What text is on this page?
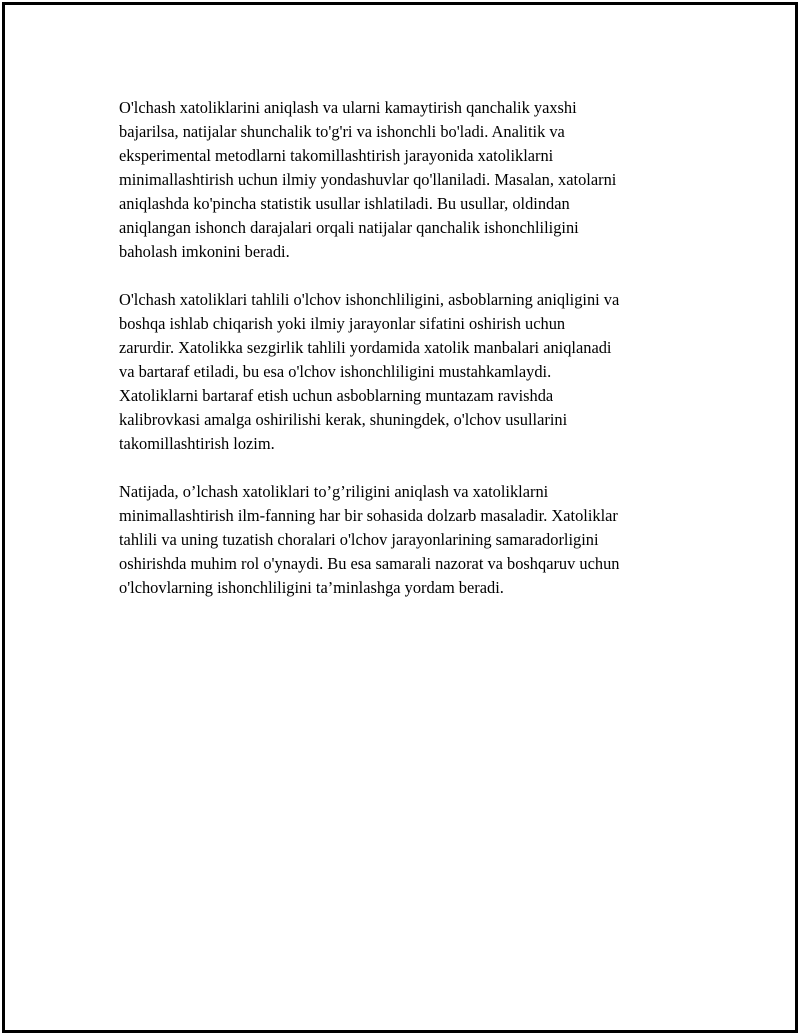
O'lchash xatoliklarini aniqlash va ularni kamaytirish qanchalik yaxshi
bajarilsa, natijalar shunchalik to'g'ri va ishonchli bo'ladi. Analitik va
eksperimental metodlarni takomillashtirish jarayonida xatoliklarni
minimallashtirish uchun ilmiy yondashuvlar qo'llaniladi. Masalan, xatolarni
aniqlashda ko'pincha statistik usullar ishlatiladi. Bu usullar, oldindan
aniqlangan ishonch darajalari orqali natijalar qanchalik ishonchliligini
baholash imkonini beradi.

O'lchash xatoliklari tahlili o'lchov ishonchliligini, asboblarning aniqligini va
boshqa ishlab chiqarish yoki ilmiy jarayonlar sifatini oshirish uchun
zarurdir. Xatolikka sezgirlik tahlili yordamida xatolik manbalari aniqlanadi
va bartaraf etiladi, bu esa o'lchov ishonchliligini mustahkamlaydi.
Xatoliklarni bartaraf etish uchun asboblarning muntazam ravishda
kalibrovkasi amalga oshirilishi kerak, shuningdek, o'lchov usullarini
takomillashtirish lozim.

Natijada, o’lchash xatoliklari to’g’riligini aniqlash va xatoliklarni
minimallashtirish ilm-fanning har bir sohasida dolzarb masaladir. Xatoliklar
tahlili va uning tuzatish choralari o'lchov jarayonlarining samaradorligini
oshirishda muhim rol o'ynaydi. Bu esa samarali nazorat va boshqaruv uchun
o'lchovlarning ishonchliligini ta’minlashga yordam beradi.
